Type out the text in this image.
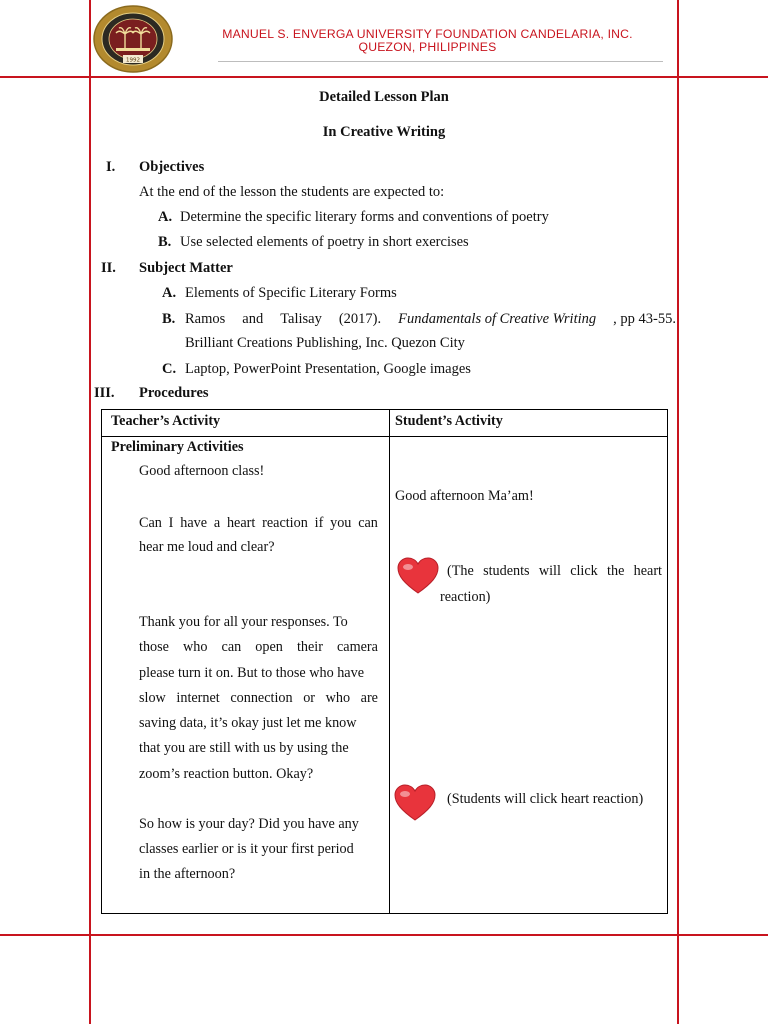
1992
MANUEL S. ENVERGA UNIVERSITY FOUNDATION CANDELARIA, INC.
QUEZON, PHILIPPINES
Detailed Lesson Plan
In Creative Writing
I. Objectives
At the end of the lesson the students are expected to:
A. Determine the specific literary forms and conventions of poetry
B. Use selected elements of poetry in short exercises
II. Subject Matter
A. Elements of Specific Literary Forms
B. Ramos and Talisay (2017). Fundamentals of Creative Writing , pp 43-55.
Brilliant Creations Publishing, Inc. Quezon City
C. Laptop, PowerPoint Presentation, Google images
III. Procedures
Teacher’s Activity	Student’s Activity
Preliminary Activities
Good afternoon class!
Can I have a heart reaction if you can
hear me loud and clear?
Thank you for all your responses. To
those who can open their camera
please turn it on. But to those who have
slow internet connection or who are
saving data, it’s okay just let me know
that you are still with us by using the
zoom’s reaction button. Okay?
So how is your day? Did you have any
classes earlier or is it your first period
in the afternoon?
Good afternoon Ma’am!
(The students will click the heart
reaction)
(Students will click heart reaction)
